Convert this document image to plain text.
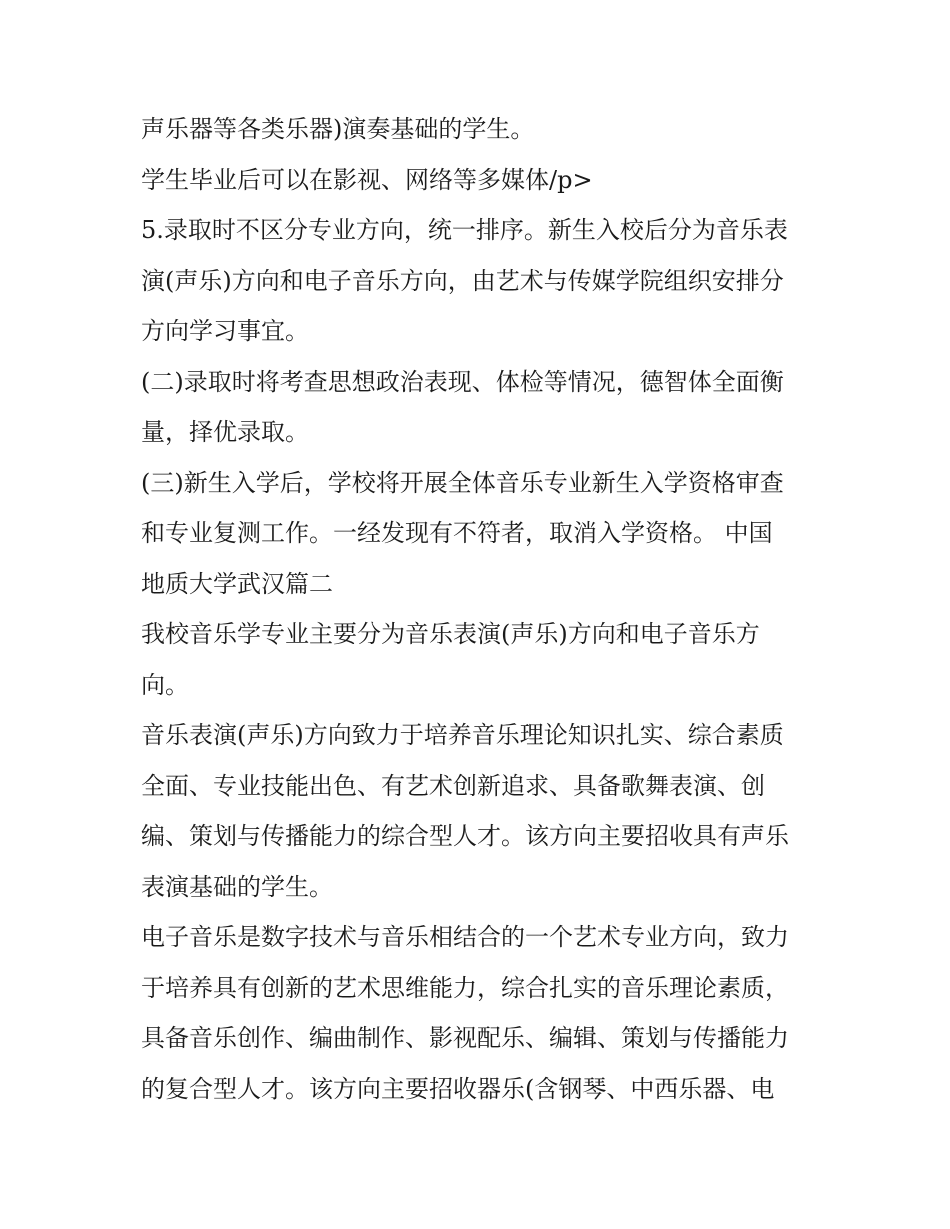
声乐器等各类乐器)演奏基础的学生。

学生毕业后可以在影视、网络等多媒体/p>

5.录取时不区分专业方向，统一排序。新生入校后分为音乐表
演(声乐)方向和电子音乐方向，由艺术与传媒学院组织安排分
方向学习事宜。

(二)录取时将考查思想政治表现、体检等情况，德智体全面衡
量，择优录取。

(三)新生入学后，学校将开展全体音乐专业新生入学资格审查
和专业复测工作。一经发现有不符者，取消入学资格。 中国
地质大学武汉篇二

我校音乐学专业主要分为音乐表演(声乐)方向和电子音乐方
向。

音乐表演(声乐)方向致力于培养音乐理论知识扎实、综合素质
全面、专业技能出色、有艺术创新追求、具备歌舞表演、创
编、策划与传播能力的综合型人才。该方向主要招收具有声乐
表演基础的学生。

电子音乐是数字技术与音乐相结合的一个艺术专业方向，致力
于培养具有创新的艺术思维能力，综合扎实的音乐理论素质，
具备音乐创作、编曲制作、影视配乐、编辑、策划与传播能力
的复合型人才。该方向主要招收器乐(含钢琴、中西乐器、电
